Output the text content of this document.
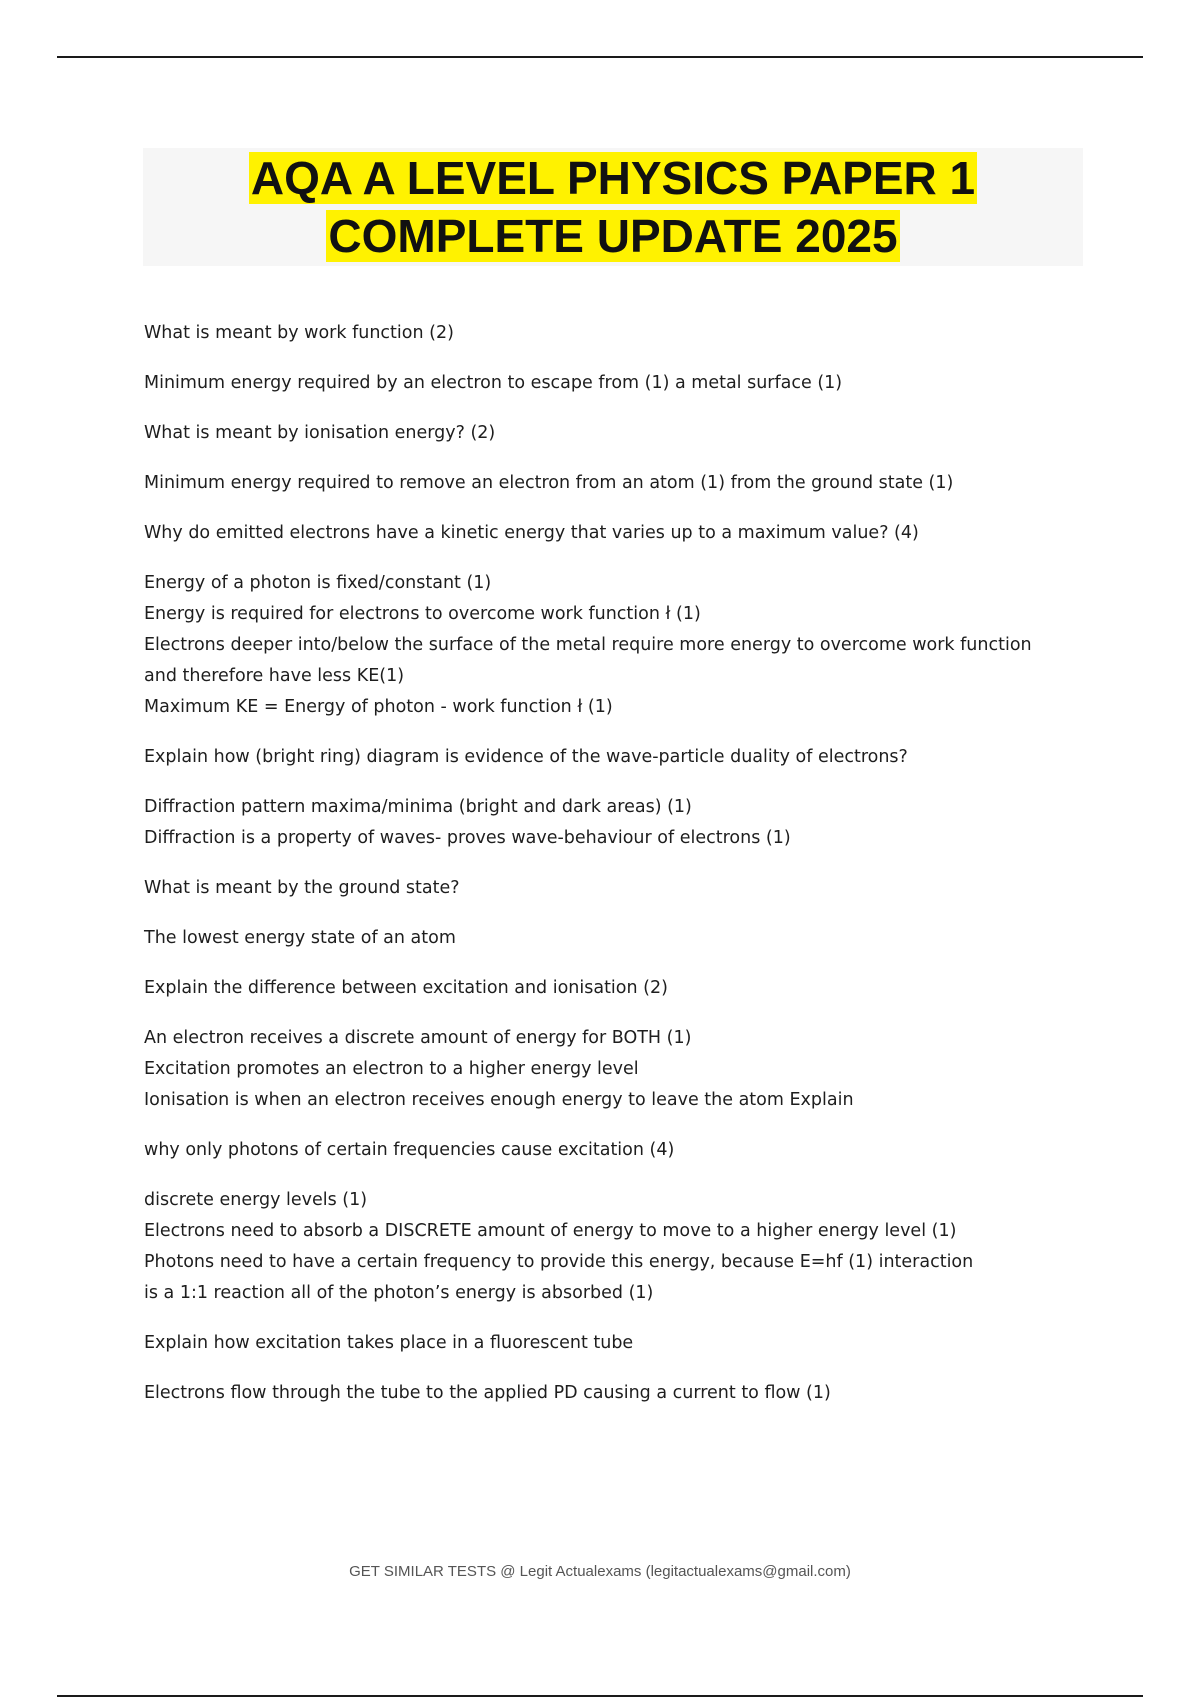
AQA A LEVEL PHYSICS PAPER 1
COMPLETE UPDATE 2025

What is meant by work function (2)

Minimum energy required by an electron to escape from (1) a metal surface (1)

What is meant by ionisation energy? (2)

Minimum energy required to remove an electron from an atom (1) from the ground state (1)

Why do emitted electrons have a kinetic energy that varies up to a maximum value? (4)

Energy of a photon is fixed/constant (1)

Energy is required for electrons to overcome work function ł (1)

Electrons deeper into/below the surface of the metal require more energy to overcome work function

and therefore have less KE(1)

Maximum KE = Energy of photon - work function ł (1)

Explain how (bright ring) diagram is evidence of the wave-particle duality of electrons?

Diffraction pattern maxima/minima (bright and dark areas) (1)

Diffraction is a property of waves- proves wave-behaviour of electrons (1)

What is meant by the ground state?

The lowest energy state of an atom

Explain the difference between excitation and ionisation (2)

An electron receives a discrete amount of energy for BOTH (1)

Excitation promotes an electron to a higher energy level

Ionisation is when an electron receives enough energy to leave the atom Explain

why only photons of certain frequencies cause excitation (4)

discrete energy levels (1)

Electrons need to absorb a DISCRETE amount of energy to move to a higher energy level (1)

Photons need to have a certain frequency to provide this energy, because E=hf (1) interaction

is a 1:1 reaction all of the photon’s energy is absorbed (1)

Explain how excitation takes place in a fluorescent tube

Electrons flow through the tube to the applied PD causing a current to flow (1)

GET SIMILAR TESTS @ Legit Actualexams (legitactualexams@gmail.com)
